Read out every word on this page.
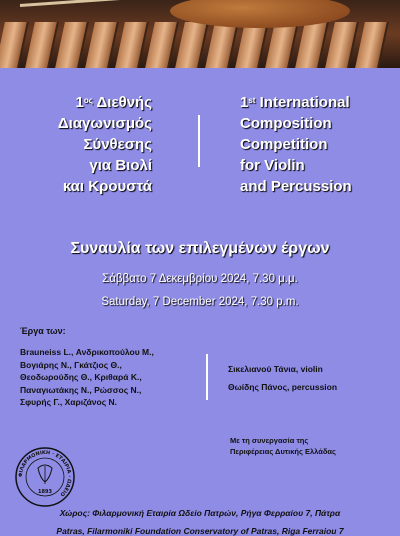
$1^{o\varsigma}$ Διεθνής
Διαγωνισμός
Σύνθεσης
για Βιολί
και Κρουστά
1st International
Composition
Competition
for Violin
and Percussion
Συναυλία των επιλεγμένων έργων
Σάββατο 7 Δεκεμβρίου 2024, 7.30 μ.μ.
Saturday, 7 December 2024, 7.30 p.m.
Έργα των:
Brauneiss L., Ανδρικοπούλου Μ.,
Βογιάρης Ν., Γκάτζιος Θ.,
Θεοδωρούδης Θ., Κριθαρά Κ.,
Παναγιωτάκης Ν., Ρώσσος Ν.,
Σφυρής Γ., Χαριζάνος Ν.
Σικελιανού Τάνια, violin
Θωίδης Πάνος, percussion
Με τη συνεργασία της
Περιφέρειας Δυτικής Ελλάδας
ΦΙΛΑΡΜΟΝΙΚΗ · ΕΤΑΙΡΙΑ · ΩΔΕΙΟ
1893
Χώρος: Φιλαρμονική Εταιρία Ωδείο Πατρών, Ρήγα Φερραίου 7, Πάτρα
Patras, Filarmoniki Foundation Conservatory of Patras, Riga Ferraiou 7
